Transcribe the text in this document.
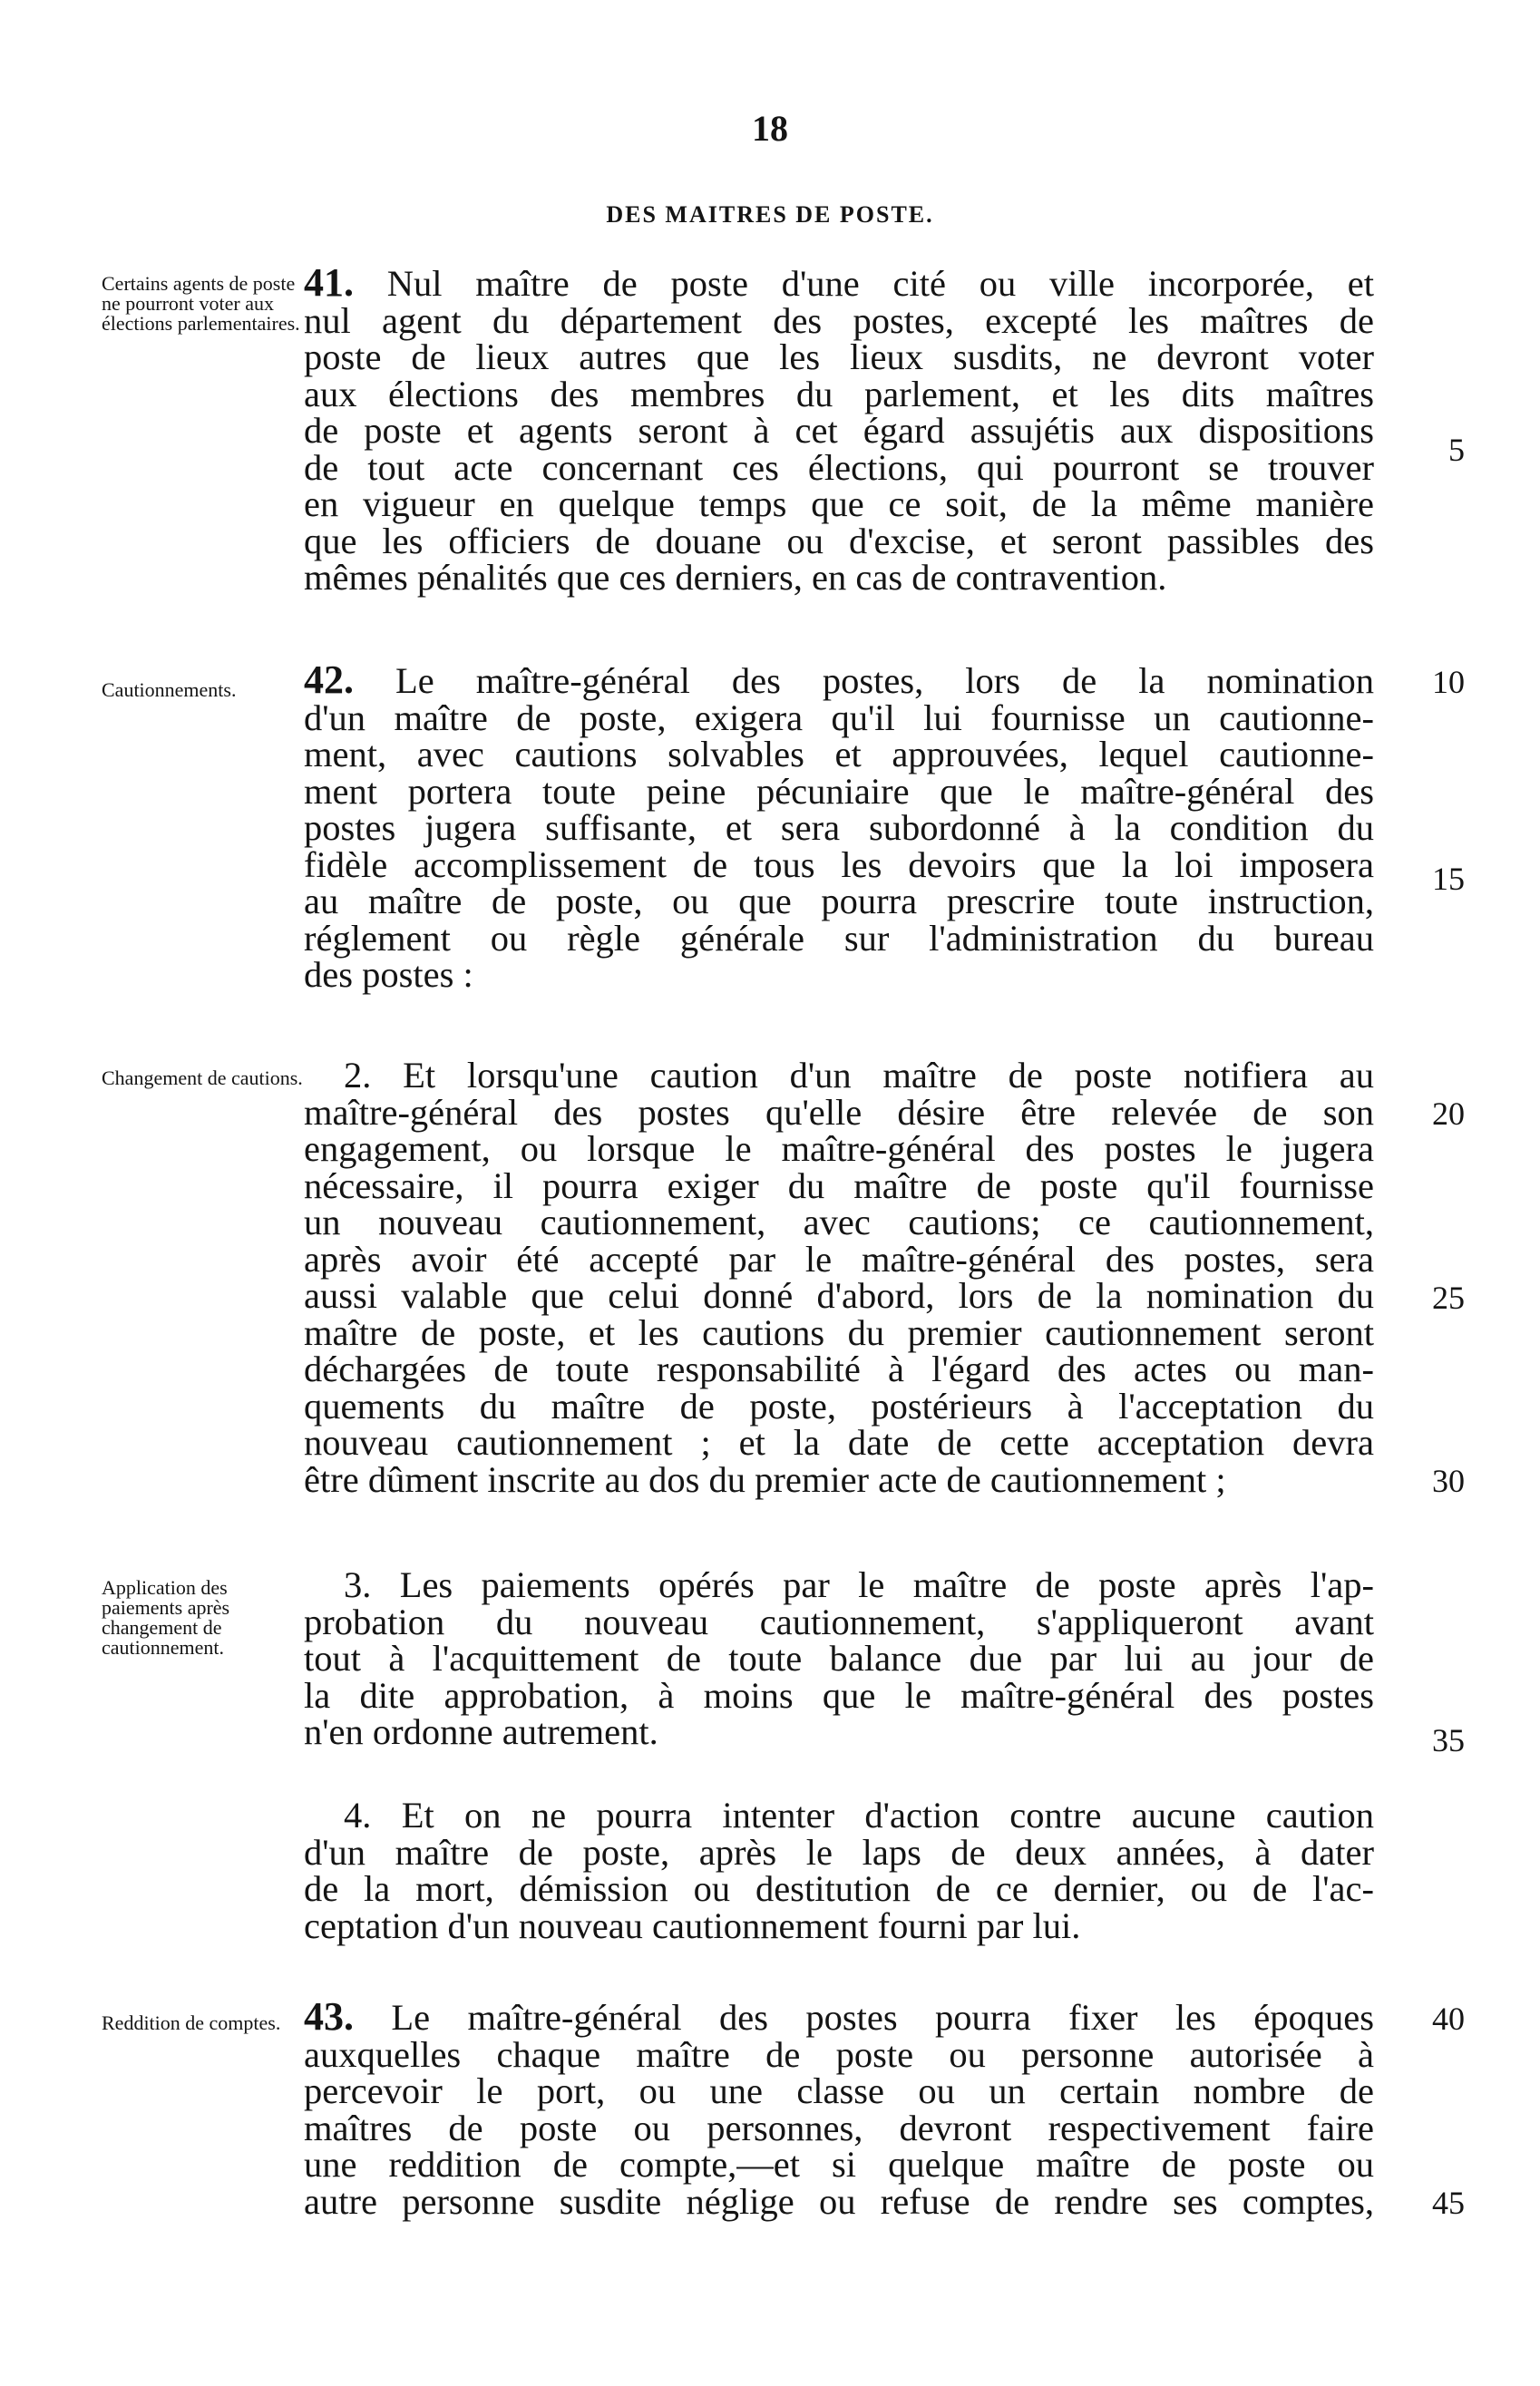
18
DES MAITRES DE POSTE.
Certains agents de poste ne pourront voter aux élections parlementaires.
Cautionnements.
Changement de cautions.
Application des paiements après changement de cautionnement.
Reddition de comptes.
41. Nul maître de poste d'une cité ou ville incorporée, et
nul agent du département des postes, excepté les maîtres de
poste de lieux autres que les lieux susdits, ne devront voter
aux élections des membres du parlement, et les dits maîtres
de poste et agents seront à cet égard assujétis aux dispositions
de tout acte concernant ces élections, qui pourront se trouver
en vigueur en quelque temps que ce soit, de la même manière
que les officiers de douane ou d'excise, et seront passibles des
mêmes pénalités que ces derniers, en cas de contravention.
42. Le maître-général des postes, lors de la nomination
d'un maître de poste, exigera qu'il lui fournisse un cautionne-
ment, avec cautions solvables et approuvées, lequel cautionne-
ment portera toute peine pécuniaire que le maître-général des
postes jugera suffisante, et sera subordonné à la condition du
fidèle accomplissement de tous les devoirs que la loi imposera
au maître de poste, ou que pourra prescrire toute instruction,
réglement ou règle générale sur l'administration du bureau
des postes :
2. Et lorsqu'une caution d'un maître de poste notifiera au
maître-général des postes qu'elle désire être relevée de son
engagement, ou lorsque le maître-général des postes le jugera
nécessaire, il pourra exiger du maître de poste qu'il fournisse
un nouveau cautionnement, avec cautions; ce cautionnement,
après avoir été accepté par le maître-général des postes, sera
aussi valable que celui donné d'abord, lors de la nomination du
maître de poste, et les cautions du premier cautionnement seront
déchargées de toute responsabilité à l'égard des actes ou man-
quements du maître de poste, postérieurs à l'acceptation du
nouveau cautionnement ; et la date de cette acceptation devra
être dûment inscrite au dos du premier acte de cautionnement ;
3. Les paiements opérés par le maître de poste après l'ap-
probation du nouveau cautionnement, s'appliqueront avant
tout à l'acquittement de toute balance due par lui au jour de
la dite approbation, à moins que le maître-général des postes
n'en ordonne autrement.
4. Et on ne pourra intenter d'action contre aucune caution
d'un maître de poste, après le laps de deux années, à dater
de la mort, démission ou destitution de ce dernier, ou de l'ac-
ceptation d'un nouveau cautionnement fourni par lui.
43. Le maître-général des postes pourra fixer les époques
auxquelles chaque maître de poste ou personne autorisée à
percevoir le port, ou une classe ou un certain nombre de
maîtres de poste ou personnes, devront respectivement faire
une reddition de compte,—et si quelque maître de poste ou
autre personne susdite néglige ou refuse de rendre ses comptes,
5
10
15
20
25
30
35
40
45
